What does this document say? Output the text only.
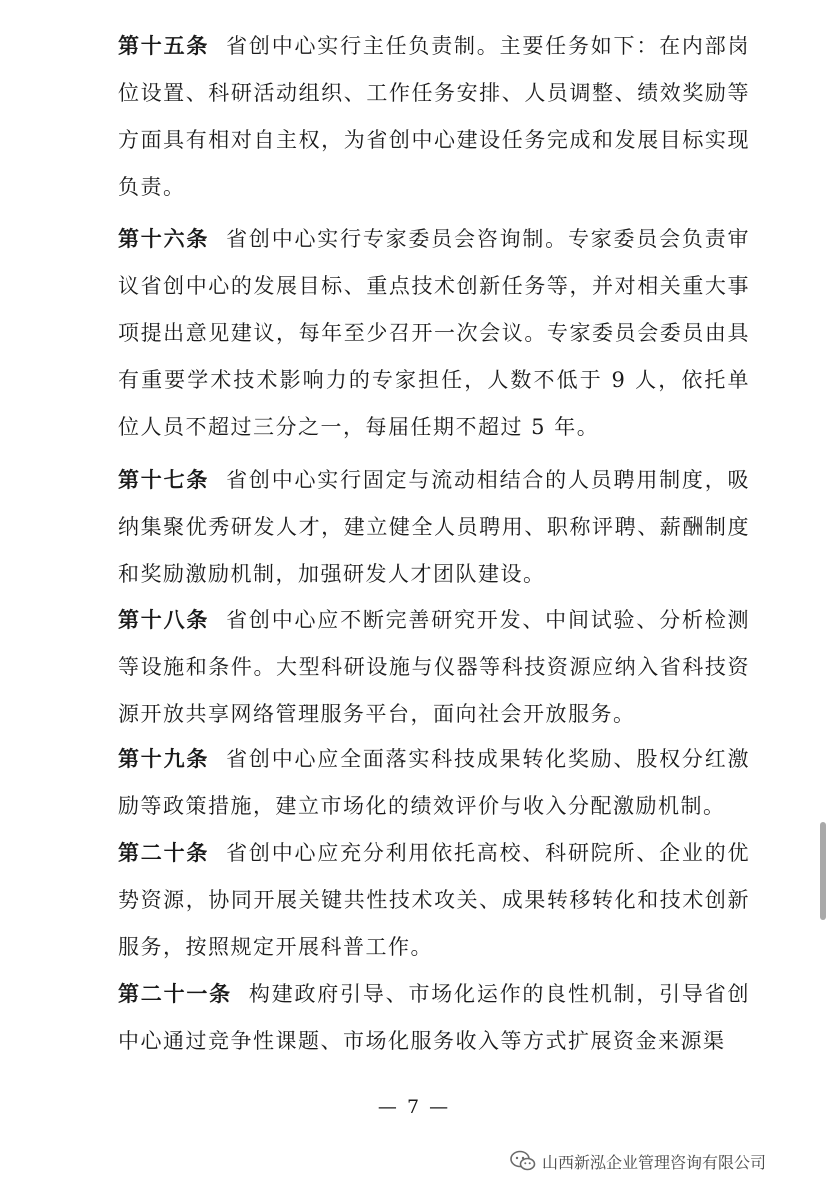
第十五条 省创中心实行主任负责制。主要任务如下：在内部岗位设置、科研活动组织、工作任务安排、人员调整、绩效奖励等方面具有相对自主权，为省创中心建设任务完成和发展目标实现负责。

第十六条 省创中心实行专家委员会咨询制。专家委员会负责审议省创中心的发展目标、重点技术创新任务等，并对相关重大事项提出意见建议，每年至少召开一次会议。专家委员会委员由具有重要学术技术影响力的专家担任，人数不低于 9 人，依托单位人员不超过三分之一，每届任期不超过 5 年。

第十七条 省创中心实行固定与流动相结合的人员聘用制度，吸纳集聚优秀研发人才，建立健全人员聘用、职称评聘、薪酬制度和奖励激励机制，加强研发人才团队建设。

第十八条 省创中心应不断完善研究开发、中间试验、分析检测等设施和条件。大型科研设施与仪器等科技资源应纳入省科技资源开放共享网络管理服务平台，面向社会开放服务。

第十九条 省创中心应全面落实科技成果转化奖励、股权分红激励等政策措施，建立市场化的绩效评价与收入分配激励机制。

第二十条 省创中心应充分利用依托高校、科研院所、企业的优势资源，协同开展关键共性技术攻关、成果转移转化和技术创新服务，按照规定开展科普工作。

第二十一条 构建政府引导、市场化运作的良性机制，引导省创中心通过竞争性课题、市场化服务收入等方式扩展资金来源渠

— 7 —
山西新泓企业管理咨询有限公司
